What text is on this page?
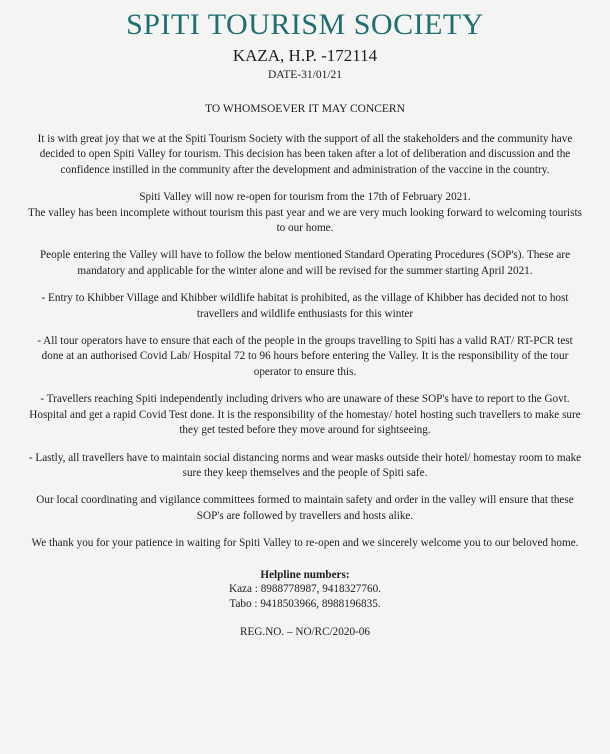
SPITI TOURISM SOCIETY
KAZA, H.P. -172114
DATE-31/01/21
TO WHOMSOEVER IT MAY CONCERN

It is with great joy that we at the Spiti Tourism Society with the support of all the stakeholders and the community have decided to open Spiti Valley for tourism. This decision has been taken after a lot of deliberation and discussion and the confidence instilled in the community after the development and administration of the vaccine in the country.

Spiti Valley will now re-open for tourism from the 17th of February 2021.

The valley has been incomplete without tourism this past year and we are very much looking forward to welcoming tourists to our home.

People entering the Valley will have to follow the below mentioned Standard Operating Procedures (SOP's). These are mandatory and applicable for the winter alone and will be revised for the summer starting April 2021.

- Entry to Khibber Village and Khibber wildlife habitat is prohibited, as the village of Khibber has decided not to host travellers and wildlife enthusiasts for this winter

- All tour operators have to ensure that each of the people in the groups travelling to Spiti has a valid RAT/ RT-PCR test done at an authorised Covid Lab/ Hospital 72 to 96 hours before entering the Valley. It is the responsibility of the tour operator to ensure this.

- Travellers reaching Spiti independently including drivers who are unaware of these SOP's have to report to the Govt. Hospital and get a rapid Covid Test done. It is the responsibility of the homestay/ hotel hosting such travellers to make sure they get tested before they move around for sightseeing.

- Lastly, all travellers have to maintain social distancing norms and wear masks outside their hotel/ homestay room to make sure they keep themselves and the people of Spiti safe.

Our local coordinating and vigilance committees formed to maintain safety and order in the valley will ensure that these SOP's are followed by travellers and hosts alike.

We thank you for your patience in waiting for Spiti Valley to re-open and we sincerely welcome you to our beloved home.

Helpline numbers:
Kaza : 8988778987, 9418327760.
Tabo : 9418503966, 8988196835.
REG.NO. – NO/RC/2020-06
